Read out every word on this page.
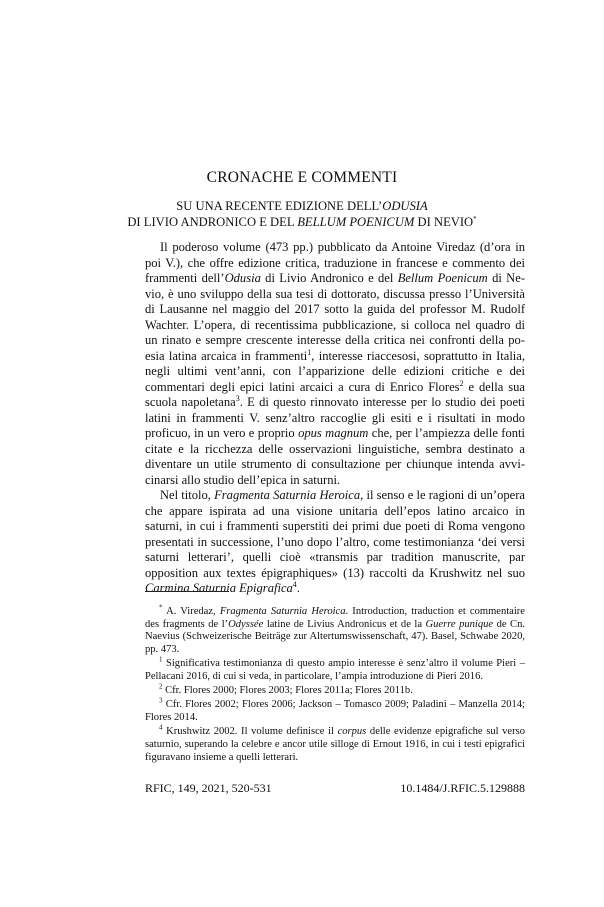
CRONACHE E COMMENTI
SU UNA RECENTE EDIZIONE DELL’ODUSIA
DI LIVIO ANDRONICO E DEL BELLUM POENICUM DI NEVIO*

Il poderoso volume (473 pp.) pubblicato da Antoine Viredaz (d’ora in poi V.), che offre edizione critica, traduzione in francese e commento dei frammenti dell’Odusia di Livio Andronico e del Bellum Poenicum di Nevio, è uno sviluppo della sua tesi di dottorato, discussa presso l’Università di Lausanne nel maggio del 2017 sotto la guida del professor M. Rudolf Wachter. L’opera, di recentissima pubblicazione, si colloca nel quadro di un rinato e sempre crescente interesse della critica nei confronti della poesia latina arcaica in frammenti$^1$, interesse riaccesosi, soprattutto in Italia, negli ultimi vent’anni, con l’apparizione delle edizioni critiche e dei commentari degli epici latini arcaici a cura di Enrico Flores$^2$ e della sua scuola napoletana$^3$. E di questo rinnovato interesse per lo studio dei poeti latini in frammenti V. senz’altro raccoglie gli esiti e i risultati in modo proficuo, in un vero e proprio opus magnum che, per l’ampiezza delle fonti citate e la ricchezza delle osservazioni linguistiche, sembra destinato a diventare un utile strumento di consultazione per chiunque intenda avvicinarsi allo studio dell’epica in saturni.

Nel titolo, Fragmenta Saturnia Heroica, il senso e le ragioni di un’opera che appare ispirata ad una visione unitaria dell’epos latino arcaico in saturni, in cui i frammenti superstiti dei primi due poeti di Roma vengono presentati in successione, l’uno dopo l’altro, come testimonianza ‘dei versi saturni letterari’, quelli cioè «transmis par tradition manuscrite, par opposition aux textes épigraphiques» (13) raccolti da Krushwitz nel suo Carmina Saturnia Epigrafica$^4$.

* A. Viredaz, Fragmenta Saturnia Heroica. Introduction, traduction et commentaire des fragments de l’Odyssée latine de Livius Andronicus et de la Guerre punique de Cn. Naevius (Schweizerische Beiträge zur Altertumswissenschaft, 47). Basel, Schwabe 2020, pp. 473.

$^1$ Significativa testimonianza di questo ampio interesse è senz’altro il volume Pieri – Pellacani 2016, di cui si veda, in particolare, l’ampia introduzione di Pieri 2016.

$^2$ Cfr. Flores 2000; Flores 2003; Flores 2011a; Flores 2011b.

$^3$ Cfr. Flores 2002; Flores 2006; Jackson – Tomasco 2009; Paladini – Manzella 2014; Flores 2014.

$^4$ Krushwitz 2002. Il volume definisce il corpus delle evidenze epigrafiche sul verso saturnio, superando la celebre e ancor utile silloge di Ernout 1916, in cui i testi epigrafici figuravano insieme a quelli letterari.

RFIC, 149, 2021, 520-531	10.1484/J.RFIC.5.129888
